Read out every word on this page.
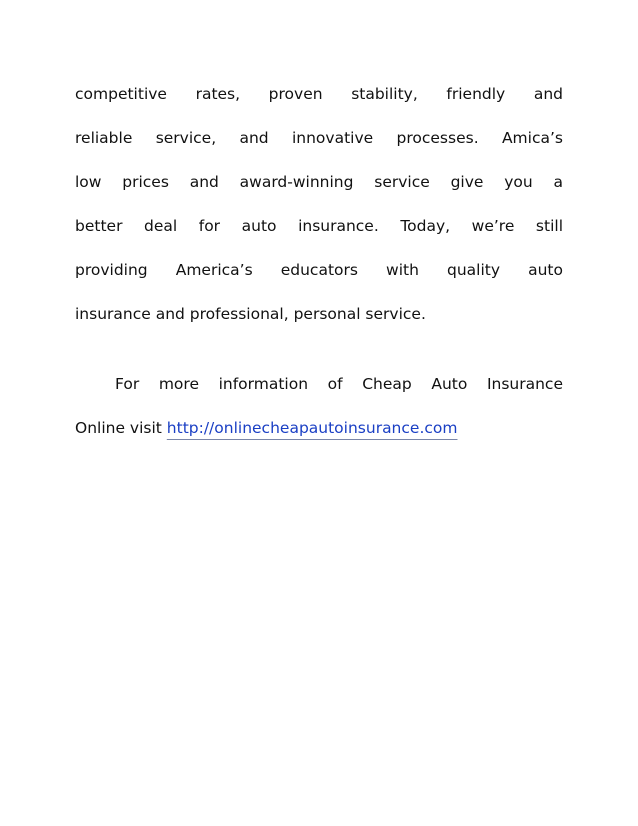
competitive rates, proven stability, friendly and
reliable service, and innovative processes. Amica’s
low prices and award-winning service give you a
better deal for auto insurance. Today, we’re still
providing America’s educators with quality auto
insurance and professional, personal service.
For more information of Cheap Auto Insurance
Online visit http://onlinecheapautoinsurance.com
